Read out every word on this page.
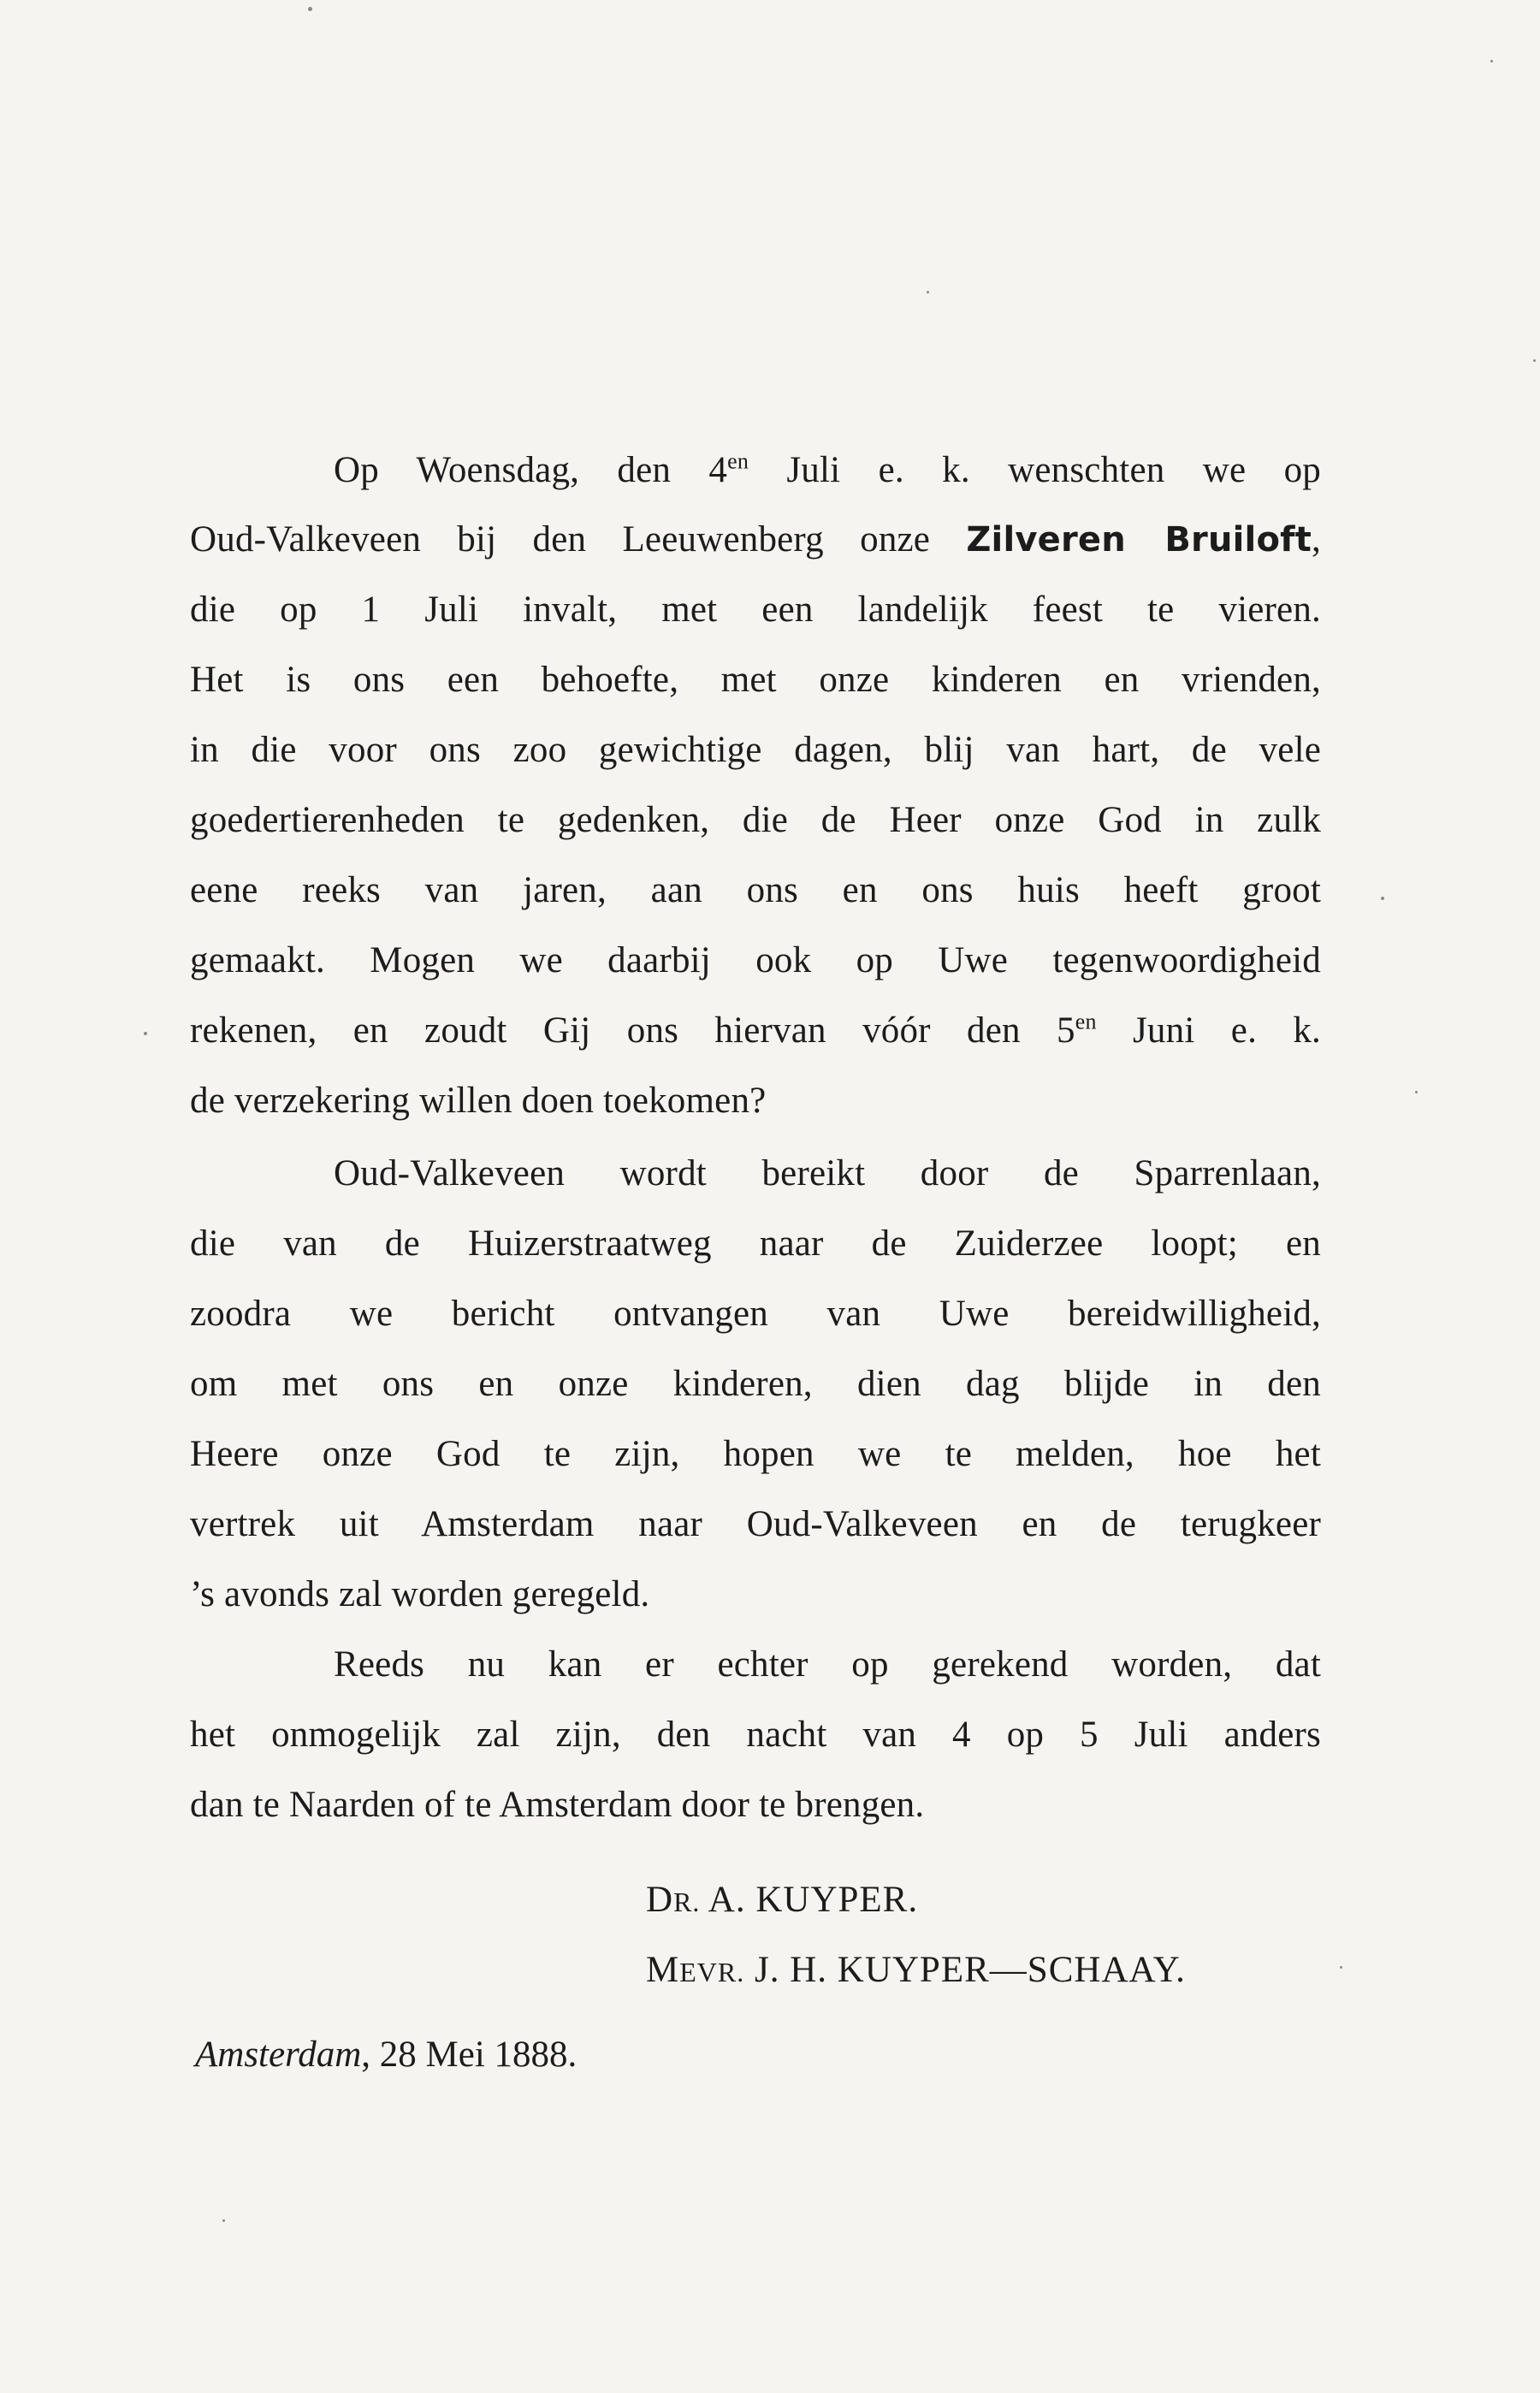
Op Woensdag, den $4^{en}$ Juli e. k. wenschten we op
Oud-Valkeveen bij den Leeuwenberg onze Zilveren Bruiloft,
die op 1 Juli invalt, met een landelijk feest te vieren.
Het is ons een behoefte, met onze kinderen en vrienden,
in die voor ons zoo gewichtige dagen, blij van hart, de vele
goedertierenheden te gedenken, die de Heer onze God in zulk
eene reeks van jaren, aan ons en ons huis heeft groot
gemaakt. Mogen we daarbij ook op Uwe tegenwoordigheid
rekenen, en zoudt Gij ons hiervan vóór den $5^{en}$ Juni e. k.
de verzekering willen doen toekomen?
Oud-Valkeveen wordt bereikt door de Sparrenlaan,
die van de Huizerstraatweg naar de Zuiderzee loopt; en
zoodra we bericht ontvangen van Uwe bereidwilligheid,
om met ons en onze kinderen, dien dag blijde in den
Heere onze God te zijn, hopen we te melden, hoe het
vertrek uit Amsterdam naar Oud-Valkeveen en de terugkeer
’s avonds zal worden geregeld.
Reeds nu kan er echter op gerekend worden, dat
het onmogelijk zal zijn, den nacht van 4 op 5 Juli anders
dan te Naarden of te Amsterdam door te brengen.
DR. A. KUYPER.
MEVR. J. H. KUYPER—SCHAAY.
Amsterdam, 28 Mei 1888.
